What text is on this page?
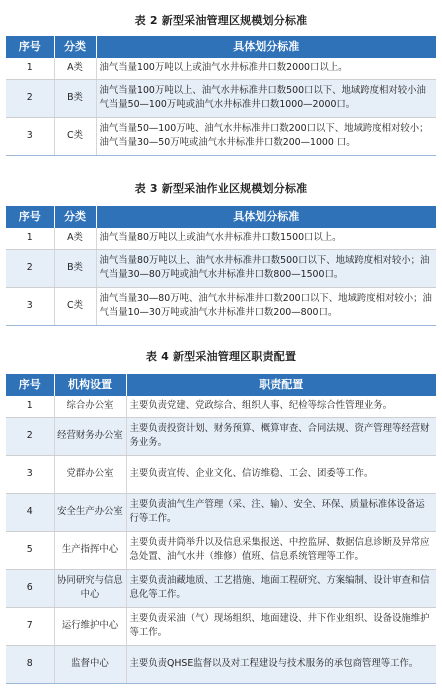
表 2 新型采油管理区规模划分标准
序号	分类	具体划分标准
1	A类	油气当量100万吨以上或油气水井标准井口数2000口以上。
2	B类	油气当量100万吨以上、油气水井标准井口数500口以下、地域跨度相对较小油气当量50—100万吨或油气水井标准井口数1000—2000口。
3	C类	油气当量50—100万吨、油气水井标准井口数200口以下、地域跨度相对较小；油气当量30—50万吨或油气水井标准井口数200—1000 口。
表 3 新型采油作业区规模划分标准
序号	分类	具体划分标准
1	A类	油气当量80万吨以上或油气水井标准井口数1500口以上。
2	B类	油气当量80万吨以上、油气水井标准井口数500口以下、地域跨度相对较小；油气当量30—80万吨或油气水井标准井口数800—1500口。
3	C类	油气当量30—80万吨、油气水井标准井口数200口以下、地域跨度相对较小；油气当量10—30万吨或油气水井标准井口数200—800口。
表 4 新型采油管理区职责配置
序号	机构设置	职责配置
1	综合办公室	主要负责党建、党政综合、组织人事、纪检等综合性管理业务。
2	经营财务办公室	主要负责投资计划、财务预算、概算审查、合同法规、资产管理等经营财务业务。
3	党群办公室	主要负责宣传、企业文化、信访维稳、工会、团委等工作。
4	安全生产办公室	主要负责油气生产管理（采、注、输）、安全、环保、质量标准体设备运行等工作。
5	生产指挥中心	主要负责井筒举升以及信息采集报送、中控监屏、数据信息诊断及异常应急处置、油气水井（维修）值班、信息系统管理等工作。
6	协同研究与信息中心	主要负责油藏地质、工艺措施、地面工程研究、方案编制、设计审查和信息化等工作。
7	运行维护中心	主要负责采油（气）现场组织、地面建设、井下作业组织、设备设施维护等工作。
8	监督中心	主要负责QHSE监督以及对工程建设与技术服务的承包商管理等工作。
